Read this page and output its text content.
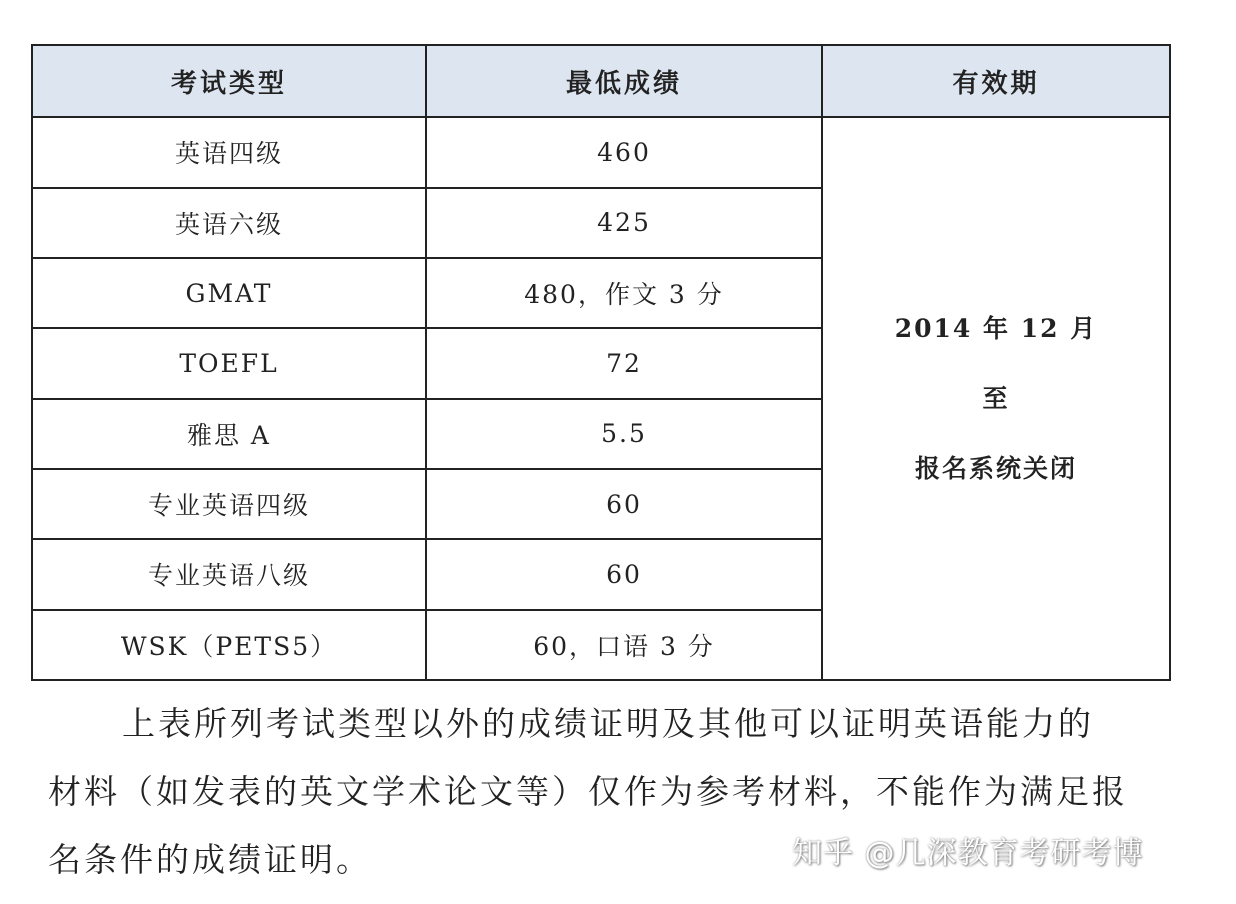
考试类型	最低成绩	有效期
英语四级	460	2014 年 12 月
至
报名系统关闭

英语六级	425	
GMAT	480，作文 3 分	
TOEFL	72	
雅思 A	5.5	
专业英语四级	60	
专业英语八级	60	
WSK（PETS5）	60，口语 3 分	
上表所列考试类型以外的成绩证明及其他可以证明英语能力的
材料（如发表的英文学术论文等）仅作为参考材料，不能作为满足报
名条件的成绩证明。	知乎 @几深教育考研考博
